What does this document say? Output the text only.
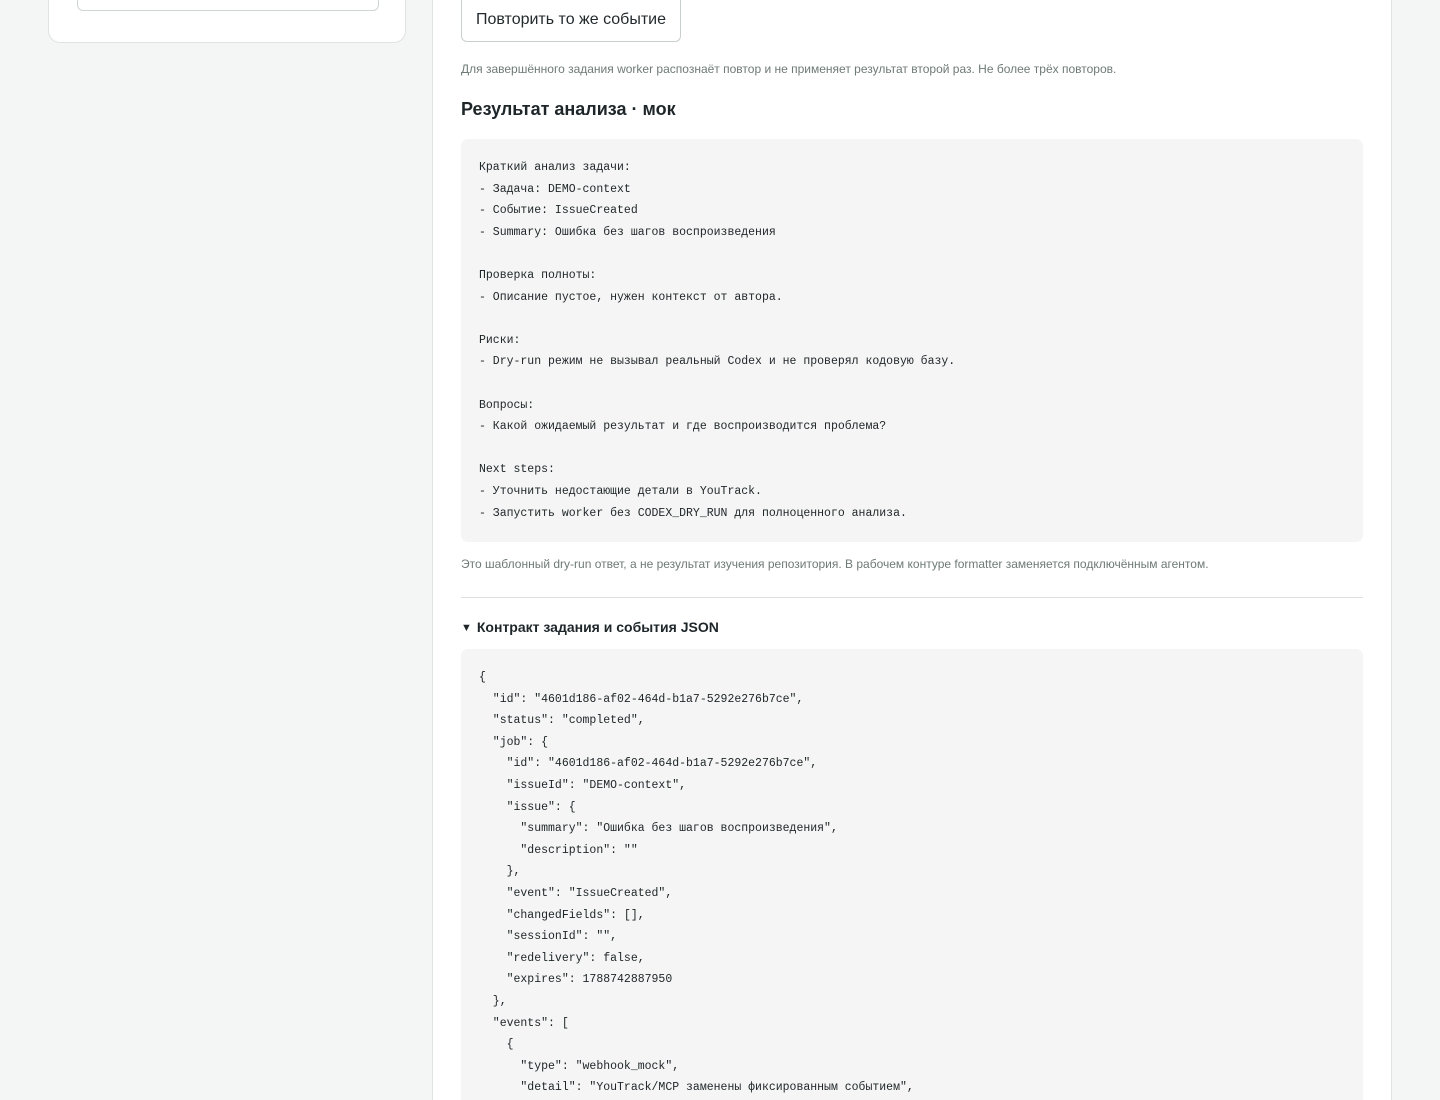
Повторить то же событие
Для завершённого задания worker распознаёт повтор и не применяет результат второй раз. Не более трёх повторов.
Результат анализа · мок
Краткий анализ задачи:
- Задача: DEMO-context
- Событие: IssueCreated
- Summary: Ошибка без шагов воспроизведения

Проверка полноты:
- Описание пустое, нужен контекст от автора.

Риски:
- Dry-run режим не вызывал реальный Codex и не проверял кодовую базу.

Вопросы:
- Какой ожидаемый результат и где воспроизводится проблема?

Next steps:
- Уточнить недостающие детали в YouTrack.
- Запустить worker без CODEX_DRY_RUN для полноценного анализа.
Это шаблонный dry-run ответ, а не результат изучения репозитория. В рабочем контуре formatter заменяется подключённым агентом.
▼ Контракт задания и события JSON
{
"id": "4601d186-af02-464d-b1a7-5292e276b7ce",
"status": "completed",
"job": {
"id": "4601d186-af02-464d-b1a7-5292e276b7ce",
"issueId": "DEMO-context",
"issue": {
"summary": "Ошибка без шагов воспроизведения",
"description": ""
},
"event": "IssueCreated",
"changedFields": [],
"sessionId": "",
"redelivery": false,
"expires": 1788742887950
},
"events": [
{
"type": "webhook_mock",
"detail": "YouTrack/MCP заменены фиксированным событием",
